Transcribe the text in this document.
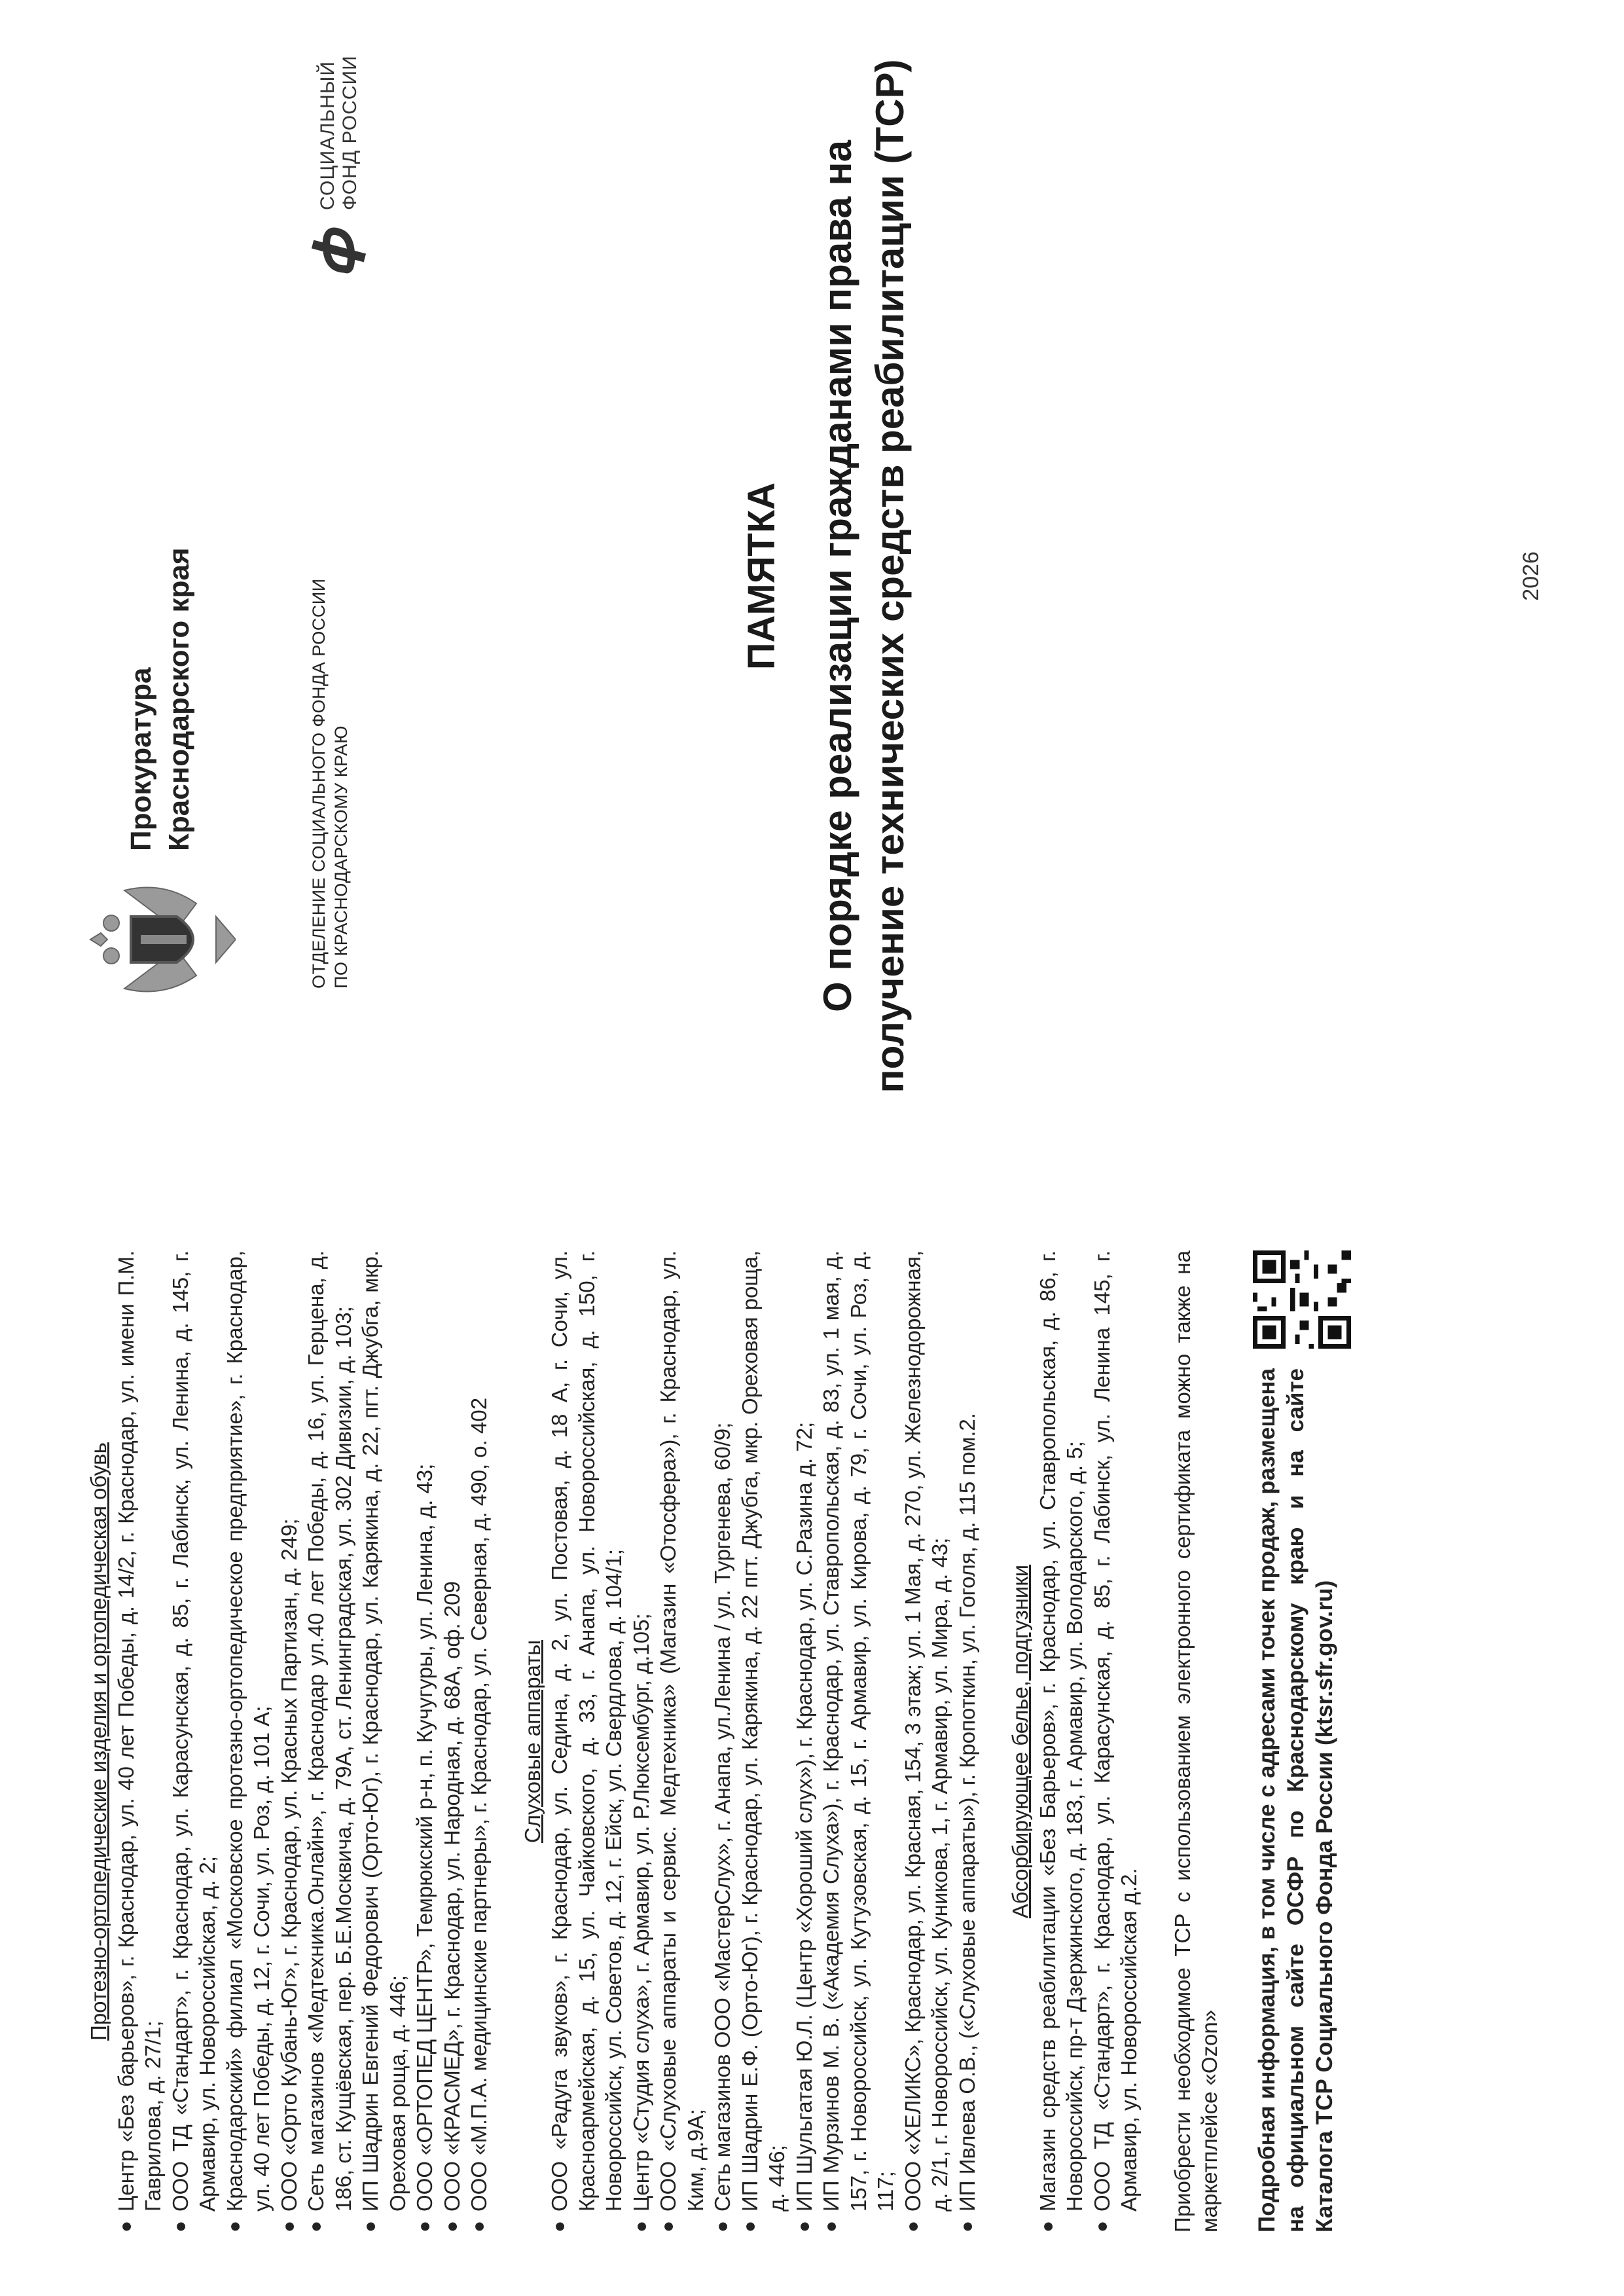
Прокуратура Краснодарского края	ОТДЕЛЕНИЕ СОЦИАЛЬНОГО ФОНДА РОССИИ ПО КРАСНОДАРСКОМУ КРАЮ
СОЦИАЛЬНЫЙ ФОНД РОССИИ
ПАМЯТКА О порядке реализации гражданами права на получение технических средств реабилитации (ТСР)	2026

Протезно-ортопедические изделия и ортопедическая обувь ● Центр «Без барьеров», г. Краснодар, ул. 40 лет Победы, д. 14/2, г. Краснодар, ул. имени П.М. Гаврилова, д. 27/1; ● ООО ТД «Стандарт», г. Краснодар, ул. Карасунская, д. 85, г. Лабинск, ул. Ленина, д. 145, г. Армавир, ул. Новороссийская, д. 2; ● Краснодарский» филиал «Московское протезно-ортопедическое предприятие», г. Краснодар, ул. 40 лет Победы, д. 12, г. Сочи, ул. Роз, д. 101 А; ● ООО «Орто Кубань-Юг», г. Краснодар, ул. Красных Партизан, д. 249; ● Сеть магазинов «Медтехника.Онлайн», г. Краснодар ул.40 лет Победы, д. 16, ул. Герцена, д. 186, ст. Кущёвская, пер. Б.Е.Москвича, д. 79А, ст. Ленинградская, ул. 302 Дивизии, д. 103; ● ИП Шадрин Евгений Федорович (Орто-Юг), г. Краснодар, ул. Карякина, д. 22, пгт. Джубга, мкр. Ореховая роща, д. 446; ● ООО «ОРТОПЕД ЦЕНТР», Темрюкский р-н, п. Кучугуры, ул. Ленина, д. 43; ● ООО «КРАСМЕД», г. Краснодар, ул. Народная, д. 68А, оф. 209 ● ООО «М.П.А. медицинские партнеры», г. Краснодар, ул. Северная, д. 490, о. 402 Слуховые аппараты ● ООО «Радуга звуков», г. Краснодар, ул. Седина, д. 2, ул. Постовая, д. 18 А, г. Сочи, ул. Красноармейская, д. 15, ул. Чайковского, д. 33, г. Анапа, ул. Новороссийская, д. 150, г. Новороссийск, ул. Советов, д. 12, г. Ейск, ул. Свердлова, д. 104/1; ● Центр «Студия слуха», г. Армавир, ул. Р.Люксембург, д.105; ● ООО «Слуховые аппараты и сервис. Медтехника» (Магазин «Отосфера»), г. Краснодар, ул. Ким, д.9А; ● Сеть магазинов ООО «МастерСлух», г. Анапа, ул.Ленина / ул. Тургенева, 60/9; ● ИП Шадрин Е.Ф. (Орто-Юг), г. Краснодар, ул. Карякина, д. 22 пгт. Джубга, мкр. Ореховая роща, д. 446; ● ИП Шульгатая Ю.Л. (Центр «Хороший слух»), г. Краснодар, ул. С.Разина д. 72; ● ИП Мурзинов М. В. («Академия Слуха»), г. Краснодар, ул. Ставропольская, д. 83, ул. 1 мая, д. 157, г. Новороссийск, ул. Кутузовская, д. 15, г. Армавир, ул. Кирова, д. 79, г. Сочи, ул. Роз, д. 117; ● ООО «ХЕЛИКС», Краснодар, ул. Красная, 154, 3 этаж; ул. 1 Мая, д. 270, ул. Железнодорожная, д. 2/1, г. Новороссийск, ул. Куникова, 1, г. Армавир, ул. Мира, д. 43; ● ИП Ивлева О.В., («Слуховые аппараты»), г. Кропоткин, ул. Гоголя, д. 115 пом.2. Абсорбирующее белье, подгузники ● Магазин средств реабилитации «Без Барьеров», г. Краснодар, ул. Ставропольская, д. 86, г. Новороссийск, пр-т Дзержинского, д. 183, г. Армавир, ул. Володарского, д. 5; ● ООО ТД «Стандарт», г. Краснодар, ул. Карасунская, д. 85, г. Лабинск, ул. Ленина 145, г. Армавир, ул. Новороссийская д.2. Приобрести необходимое ТСР с использованием электронного сертификата можно также на маркетплейсе «Ozon» Подробная информация, в том числе с адресами точек продаж, размещена на официальном сайте ОСФР по Краснодарскому краю и на сайте Каталога ТСР Социального Фонда России (ktsr.sfr.gov.ru)
